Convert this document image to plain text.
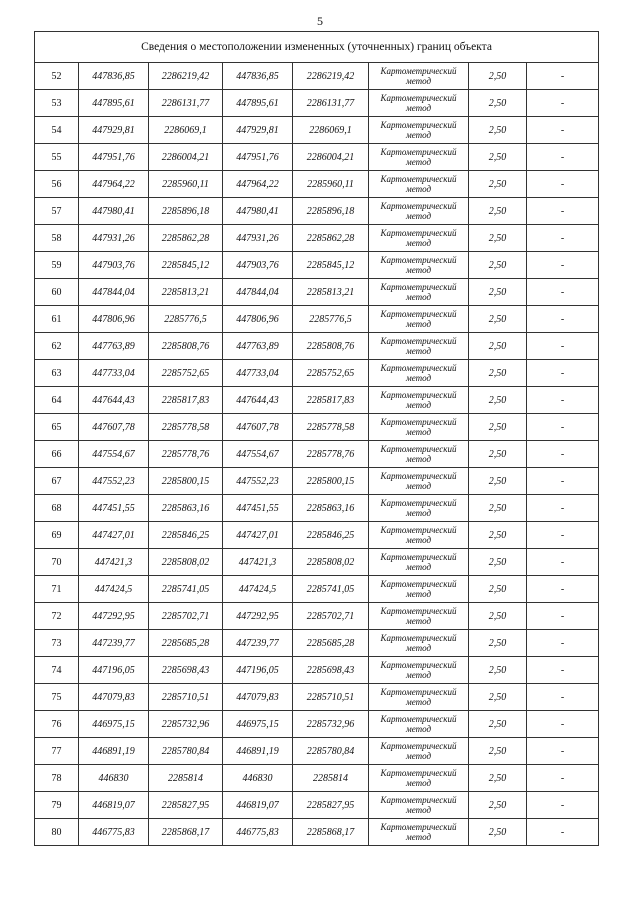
5
Сведения о местоположении измененных (уточненных) границ объекта							
52	447836,85	2286219,42	447836,85	2286219,42	Картометрический метод	2,50	-
53	447895,61	2286131,77	447895,61	2286131,77	Картометрический метод	2,50	-
54	447929,81	2286069,1	447929,81	2286069,1	Картометрический метод	2,50	-
55	447951,76	2286004,21	447951,76	2286004,21	Картометрический метод	2,50	-
56	447964,22	2285960,11	447964,22	2285960,11	Картометрический метод	2,50	-
57	447980,41	2285896,18	447980,41	2285896,18	Картометрический метод	2,50	-
58	447931,26	2285862,28	447931,26	2285862,28	Картометрический метод	2,50	-
59	447903,76	2285845,12	447903,76	2285845,12	Картометрический метод	2,50	-
60	447844,04	2285813,21	447844,04	2285813,21	Картометрический метод	2,50	-
61	447806,96	2285776,5	447806,96	2285776,5	Картометрический метод	2,50	-
62	447763,89	2285808,76	447763,89	2285808,76	Картометрический метод	2,50	-
63	447733,04	2285752,65	447733,04	2285752,65	Картометрический метод	2,50	-
64	447644,43	2285817,83	447644,43	2285817,83	Картометрический метод	2,50	-
65	447607,78	2285778,58	447607,78	2285778,58	Картометрический метод	2,50	-
66	447554,67	2285778,76	447554,67	2285778,76	Картометрический метод	2,50	-
67	447552,23	2285800,15	447552,23	2285800,15	Картометрический метод	2,50	-
68	447451,55	2285863,16	447451,55	2285863,16	Картометрический метод	2,50	-
69	447427,01	2285846,25	447427,01	2285846,25	Картометрический метод	2,50	-
70	447421,3	2285808,02	447421,3	2285808,02	Картометрический метод	2,50	-
71	447424,5	2285741,05	447424,5	2285741,05	Картометрический метод	2,50	-
72	447292,95	2285702,71	447292,95	2285702,71	Картометрический метод	2,50	-
73	447239,77	2285685,28	447239,77	2285685,28	Картометрический метод	2,50	-
74	447196,05	2285698,43	447196,05	2285698,43	Картометрический метод	2,50	-
75	447079,83	2285710,51	447079,83	2285710,51	Картометрический метод	2,50	-
76	446975,15	2285732,96	446975,15	2285732,96	Картометрический метод	2,50	-
77	446891,19	2285780,84	446891,19	2285780,84	Картометрический метод	2,50	-
78	446830	2285814	446830	2285814	Картометрический метод	2,50	-
79	446819,07	2285827,95	446819,07	2285827,95	Картометрический метод	2,50	-
80	446775,83	2285868,17	446775,83	2285868,17	Картометрический метод	2,50	-
